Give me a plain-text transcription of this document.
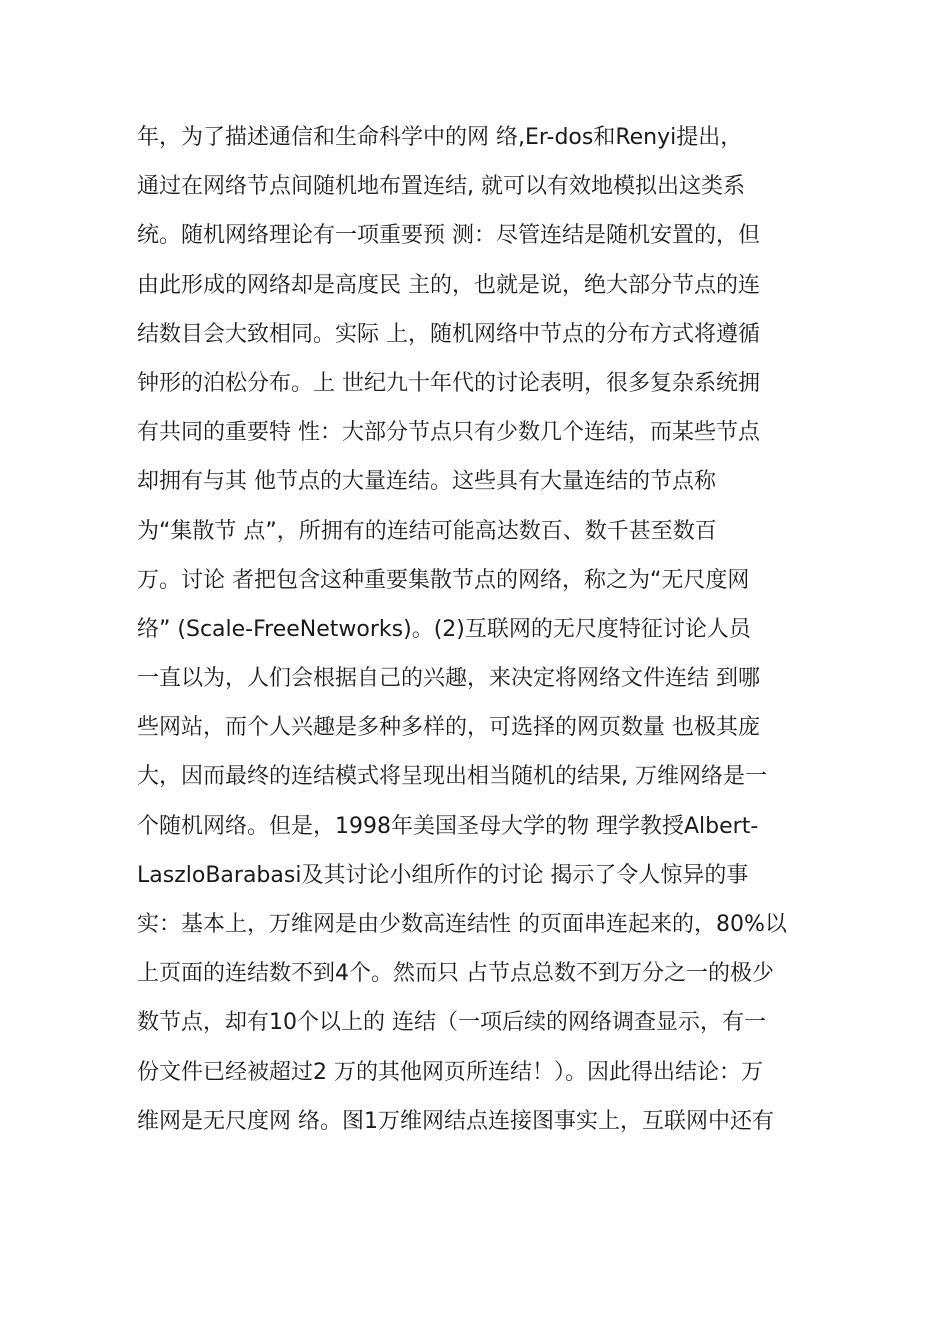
年，为了描述通信和生命科学中的网 络,Er-dos和Renyi提出，
通过在网络节点间随机地布置连结, 就可以有效地模拟出这类系
统。随机网络理论有一项重要预 测：尽管连结是随机安置的，但
由此形成的网络却是高度民 主的，也就是说，绝大部分节点的连
结数目会大致相同。实际 上，随机网络中节点的分布方式将遵循
钟形的泊松分布。上 世纪九十年代的讨论表明，很多复杂系统拥
有共同的重要特 性：大部分节点只有少数几个连结，而某些节点
却拥有与其 他节点的大量连结。这些具有大量连结的节点称
为“集散节 点”，所拥有的连结可能高达数百、数千甚至数百
万。讨论 者把包含这种重要集散节点的网络，称之为“无尺度网
络” (Scale-FreeNetworks)。(2)互联网的无尺度特征讨论人员
一直以为，人们会根据自己的兴趣，来决定将网络文件连结 到哪
些网站，而个人兴趣是多种多样的，可选择的网页数量 也极其庞
大，因而最终的连结模式将呈现出相当随机的结果, 万维网络是一
个随机网络。但是，1998年美国圣母大学的物 理学教授Albert-
LaszloBarabasi及其讨论小组所作的讨论 揭示了令人惊异的事
实：基本上，万维网是由少数高连结性 的页面串连起来的，80%以
上页面的连结数不到4个。然而只 占节点总数不到万分之一的极少
数节点，却有10个以上的 连结（一项后续的网络调查显示，有一
份文件已经被超过2 万的其他网页所连结！）。因此得出结论：万
维网是无尺度网 络。图1万维网结点连接图事实上，互联网中还有
